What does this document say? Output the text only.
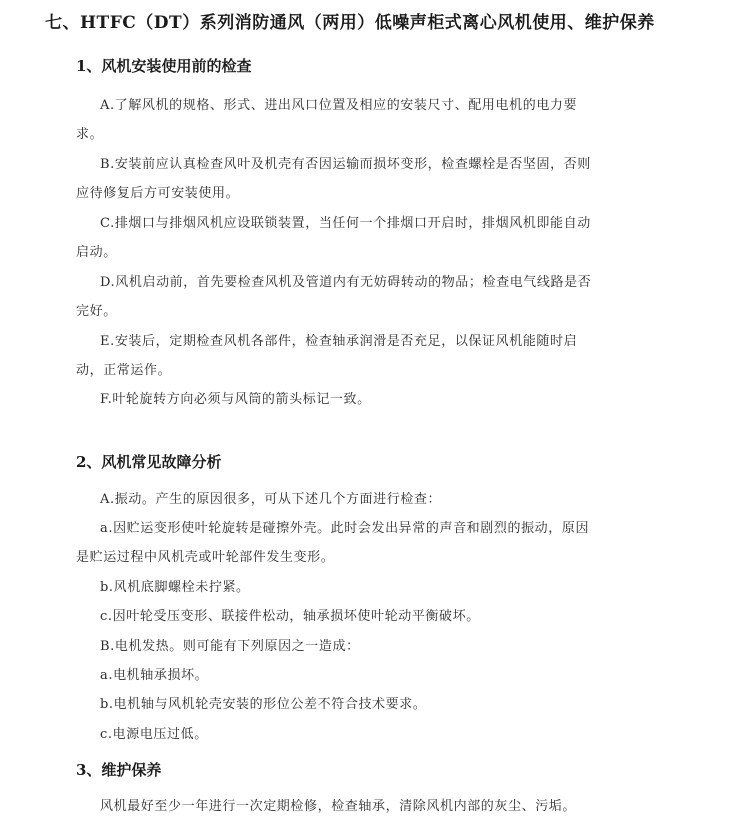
七、HTFC（DT）系列消防通风（两用）低噪声柜式离心风机使用、维护保养
1、风机安装使用前的检查
A.了解风机的规格、形式、进出风口位置及相应的安装尺寸、配用电机的电力要
求。
B.安装前应认真检查风叶及机壳有否因运输而损坏变形，检查螺栓是否坚固，否则
应待修复后方可安装使用。
C.排烟口与排烟风机应设联锁装置，当任何一个排烟口开启时，排烟风机即能自动
启动。
D.风机启动前，首先要检查风机及管道内有无妨碍转动的物品；检查电气线路是否
完好。
E.安装后，定期检查风机各部件，检查轴承润滑是否充足，以保证风机能随时启
动，正常运作。
F.叶轮旋转方向必须与风筒的箭头标记一致。
2、风机常见故障分析
A.振动。产生的原因很多，可从下述几个方面进行检查：
a.因贮运变形使叶轮旋转是碰擦外壳。此时会发出异常的声音和剧烈的振动，原因
是贮运过程中风机壳或叶轮部件发生变形。
b.风机底脚螺栓未拧紧。
c.因叶轮受压变形、联接件松动，轴承损坏使叶轮动平衡破坏。
B.电机发热。则可能有下列原因之一造成：
a.电机轴承损坏。
b.电机轴与风机轮壳安装的形位公差不符合技术要求。
c.电源电压过低。
3、维护保养
风机最好至少一年进行一次定期检修，检查轴承，清除风机内部的灰尘、污垢。
